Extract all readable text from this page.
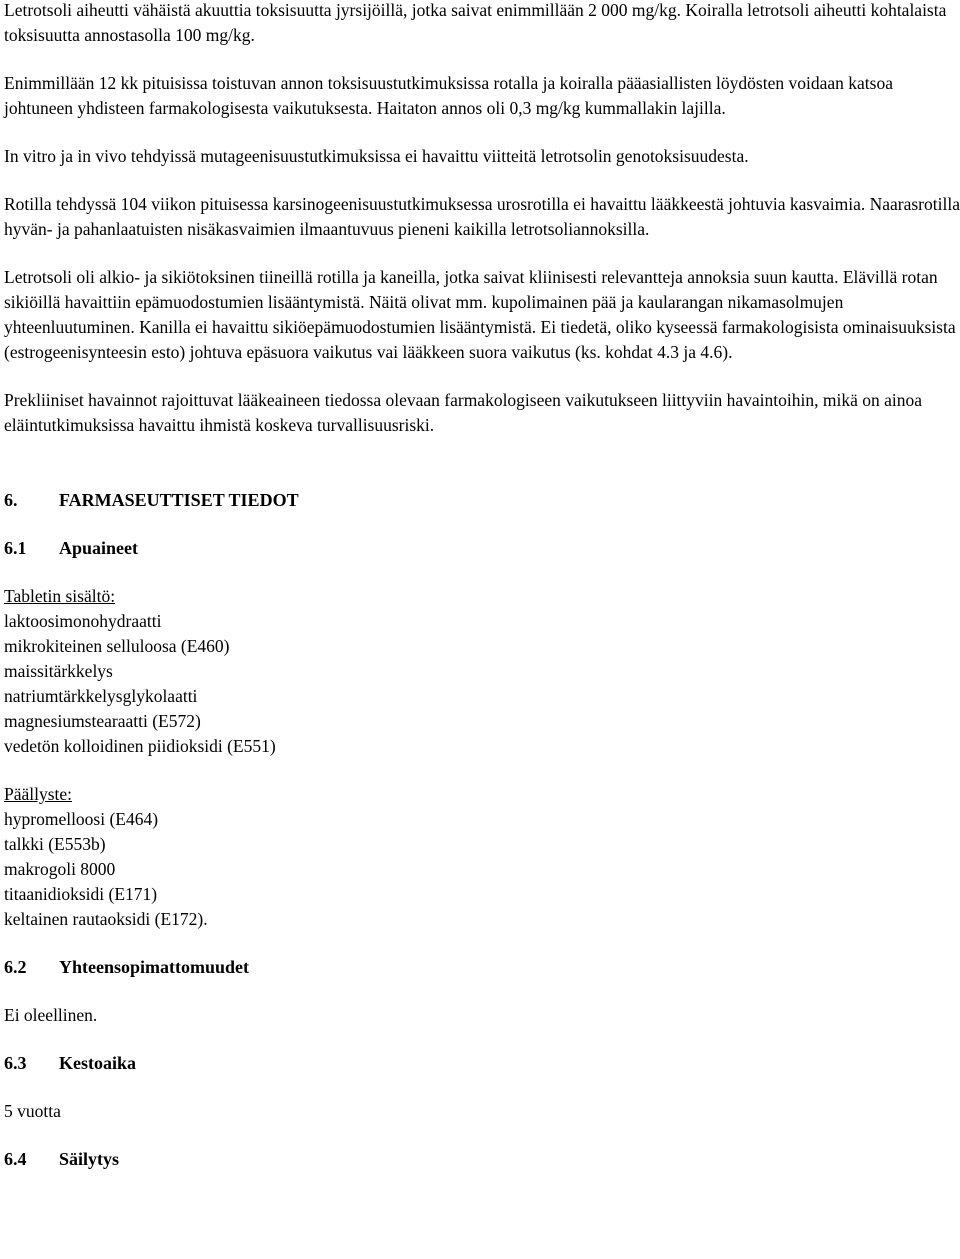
Letrotsoli aiheutti vähäistä akuuttia toksisuutta jyrsijöillä, jotka saivat enimmillään 2 000 mg/kg. Koiralla letrotsoli aiheutti kohtalaista toksisuutta annostasolla 100 mg/kg.

Enimmillään 12 kk pituisissa toistuvan annon toksisuustutkimuksissa rotalla ja koiralla pääasiallisten löydösten voidaan katsoa johtuneen yhdisteen farmakologisesta vaikutuksesta. Haitaton annos oli 0,3 mg/kg kummallakin lajilla.

In vitro ja in vivo tehdyissä mutageenisuustutkimuksissa ei havaittu viitteitä letrotsolin genotoksisuudesta.

Rotilla tehdyssä 104 viikon pituisessa karsinogeenisuustutkimuksessa urosrotilla ei havaittu lääkkeestä johtuvia kasvaimia. Naarasrotilla hyvän- ja pahanlaatuisten nisäkasvaimien ilmaantuvuus pieneni kaikilla letrotsoliannoksilla.

Letrotsoli oli alkio- ja sikiötoksinen tiineillä rotilla ja kaneilla, jotka saivat kliinisesti relevantteja annoksia suun kautta. Elävillä rotan sikiöillä havaittiin epämuodostumien lisääntymistä. Näitä olivat mm. kupolimainen pää ja kaularangan nikamasolmujen yhteenluutuminen. Kanilla ei havaittu sikiöepämuodostumien lisääntymistä. Ei tiedetä, oliko kyseessä farmakologisista ominaisuuksista (estrogeenisynteesin esto) johtuva epäsuora vaikutus vai lääkkeen suora vaikutus (ks. kohdat 4.3 ja 4.6).

Prekliiniset havainnot rajoittuvat lääkeaineen tiedossa olevaan farmakologiseen vaikutukseen liittyviin havaintoihin, mikä on ainoa eläintutkimuksissa havaittu ihmistä koskeva turvallisuusriski.

6.	FARMASEUTTISET TIEDOT
6.1	Apuaineet
Tabletin sisältö:
laktoosimonohydraatti
mikrokiteinen selluloosa (E460)
maissitärkkelys
natriumtärkkelysglykolaatti
magnesiumstearaatti (E572)
vedetön kolloidinen piidioksidi (E551)
Päällyste:
hypromelloosi (E464)
talkki (E553b)
makrogoli 8000
titaanidioksidi (E171)
keltainen rautaoksidi (E172).
6.2	Yhteensopimattomuudet

Ei oleellinen.

6.3	Kestoaika

5 vuotta

6.4	Säilytys
